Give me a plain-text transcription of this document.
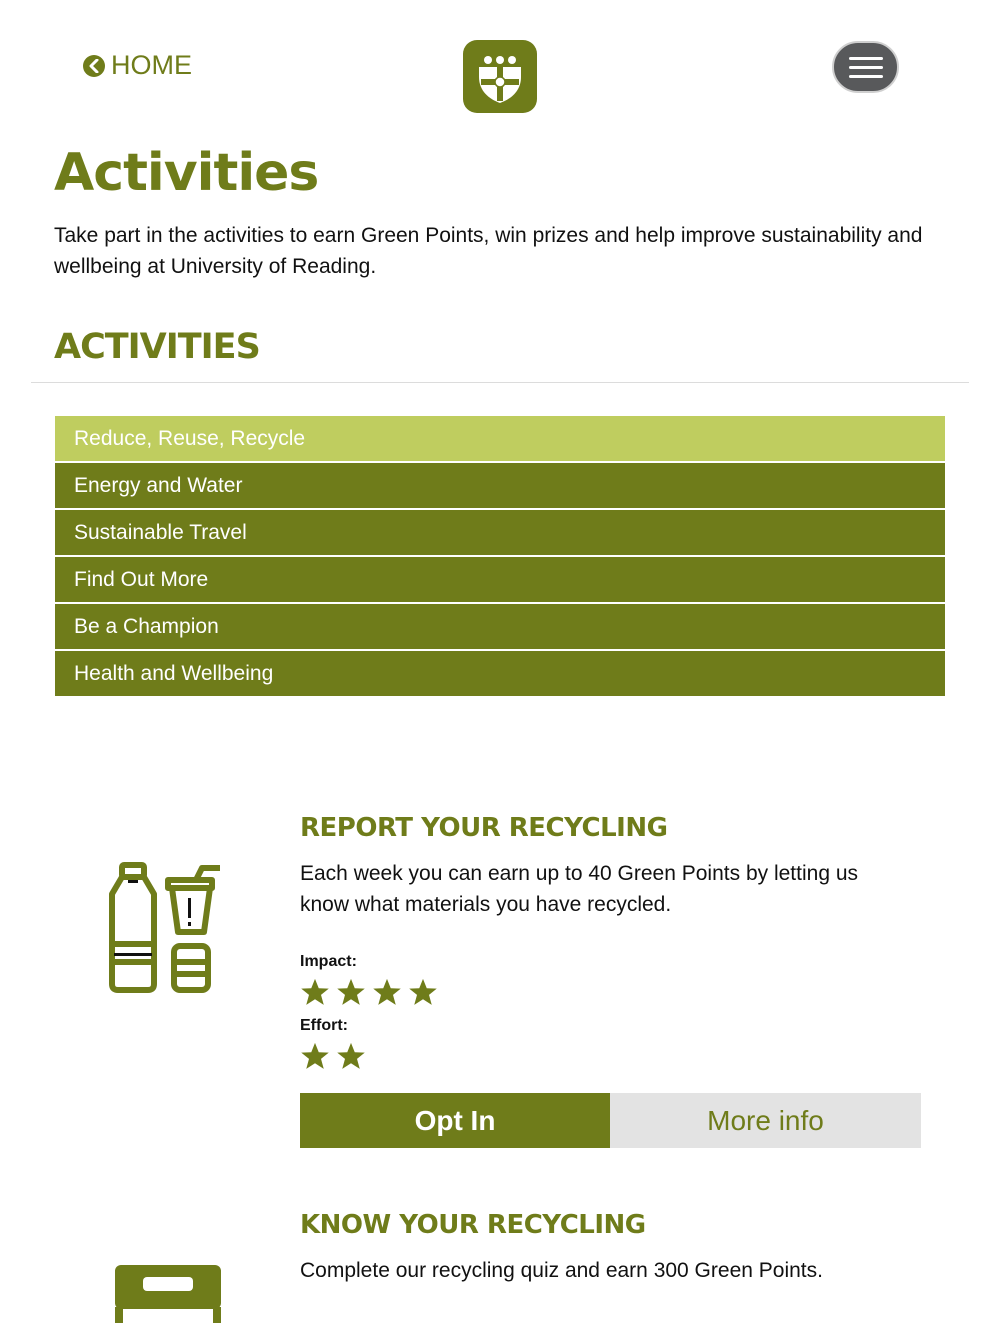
HOME
Activities

Take part in the activities to earn Green Points, win prizes and help improve sustainability and wellbeing at University of Reading.

ACTIVITIES
Reduce, Reuse, Recycle
Energy and Water
Sustainable Travel
Find Out More
Be a Champion
Health and Wellbeing
REPORT YOUR RECYCLING

Each week you can earn up to 40 Green Points by letting us know what materials you have recycled.

Impact:
Effort:
Opt In	More info
KNOW YOUR RECYCLING

Complete our recycling quiz and earn 300 Green Points.
